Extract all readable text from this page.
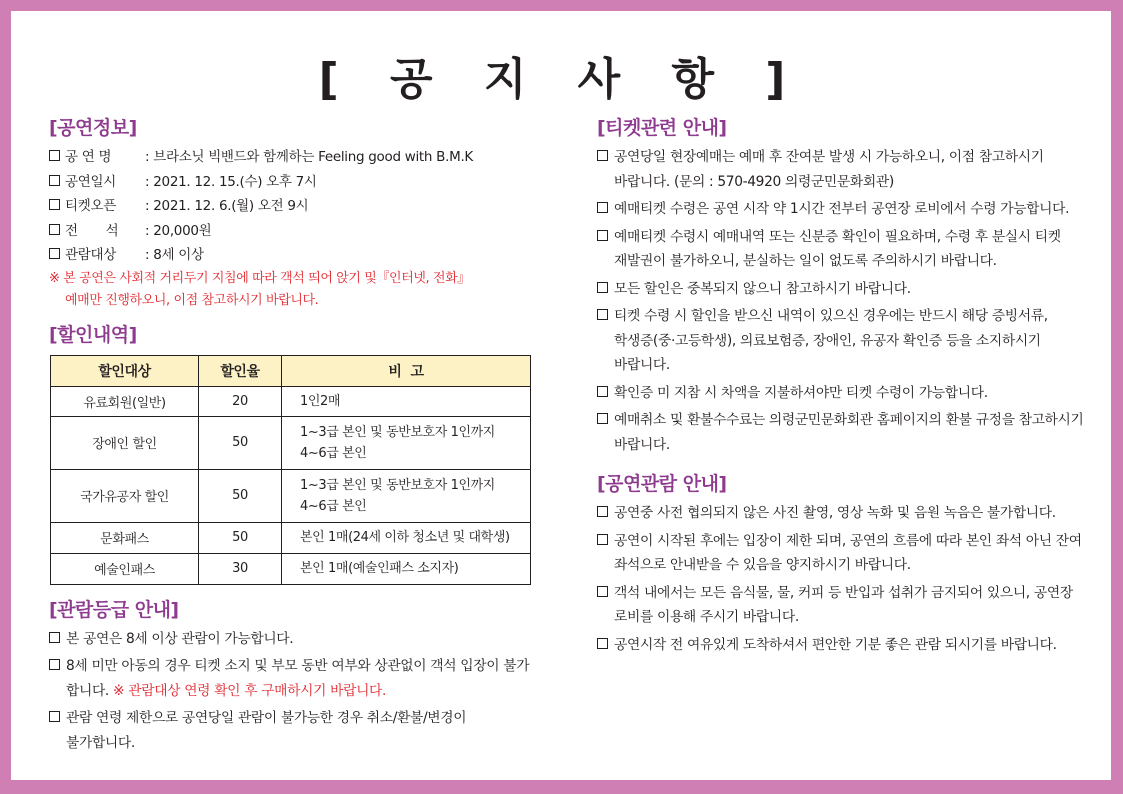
[ 공 지 사 항 ]
[공연정보]
공 연 명	: 브라소닛 빅밴드와 함께하는 Feeling good with B.M.K
공연일시 : 2021. 12. 15.(수) 오후 7시
티켓오픈 : 2021. 12. 6.(월) 오전 9시
전       석 : 20,000원
관람대상 : 8세 이상
※ 본 공연은 사회적 거리두기 지침에 따라 객석 띄어 앉기 및『인터넷, 전화』
예매만 진행하오니, 이점 참고하시기 바랍니다.
[할인내역]
할인대상	할인율	비  고
유료회원(일반)	20	1인2매
장애인 할인	50	1~3급 본인 및 동반보호자 1인까지
4~6급 본인

국가유공자 할인	50	1~3급 본인 및 동반보호자 1인까지
4~6급 본인

문화패스	50	본인 1매(24세 이하 청소년 및 대학생)
예술인패스	30	본인 1매(예술인패스 소지자)
[관람등급 안내]
본 공연은 8세 이상 관람이 가능합니다.
8세 미만 아동의 경우 티켓 소지 및 부모 동반 여부와 상관없이 객석 입장이 불가 합니다. ※ 관람대상 연령 확인 후 구매하시기 바랍니다.
관람 연령 제한으로 공연당일 관람이 불가능한 경우 취소/환불/변경이 불가합니다.
[티켓관련 안내]
공연당일 현장예매는 예매 후 잔여분 발생 시 가능하오니, 이점 참고하시기 바랍니다. (문의 : 570-4920 의령군민문화회관)
예매티켓 수령은 공연 시작 약 1시간 전부터 공연장 로비에서 수령 가능합니다.
예매티켓 수령시 예매내역 또는 신분증 확인이 필요하며, 수령 후 분실시 티켓 재발권이 불가하오니, 분실하는 일이 없도록 주의하시기 바랍니다.
모든 할인은 중복되지 않으니 참고하시기 바랍니다.
티켓 수령 시 할인을 받으신 내역이 있으신 경우에는 반드시 해당 증빙서류, 학생증(중·고등학생), 의료보험증, 장애인, 유공자 확인증 등을 소지하시기 바랍니다.
확인증 미 지참 시 차액을 지불하셔야만 티켓 수령이 가능합니다.
예매취소 및 환불수수료는 의령군민문화회관 홈페이지의 환불 규정을 참고하시기 바랍니다.
[공연관람 안내]
공연중 사전 협의되지 않은 사진 촬영, 영상 녹화 및 음원 녹음은 불가합니다.
공연이 시작된 후에는 입장이 제한 되며, 공연의 흐름에 따라 본인 좌석 아닌 잔여 좌석으로 안내받을 수 있음을 양지하시기 바랍니다.
객석 내에서는 모든 음식물, 물, 커피 등 반입과 섭취가 금지되어 있으니, 공연장 로비를 이용해 주시기 바랍니다.
공연시작 전 여유있게 도착하셔서 편안한 기분 좋은 관람 되시기를 바랍니다.
